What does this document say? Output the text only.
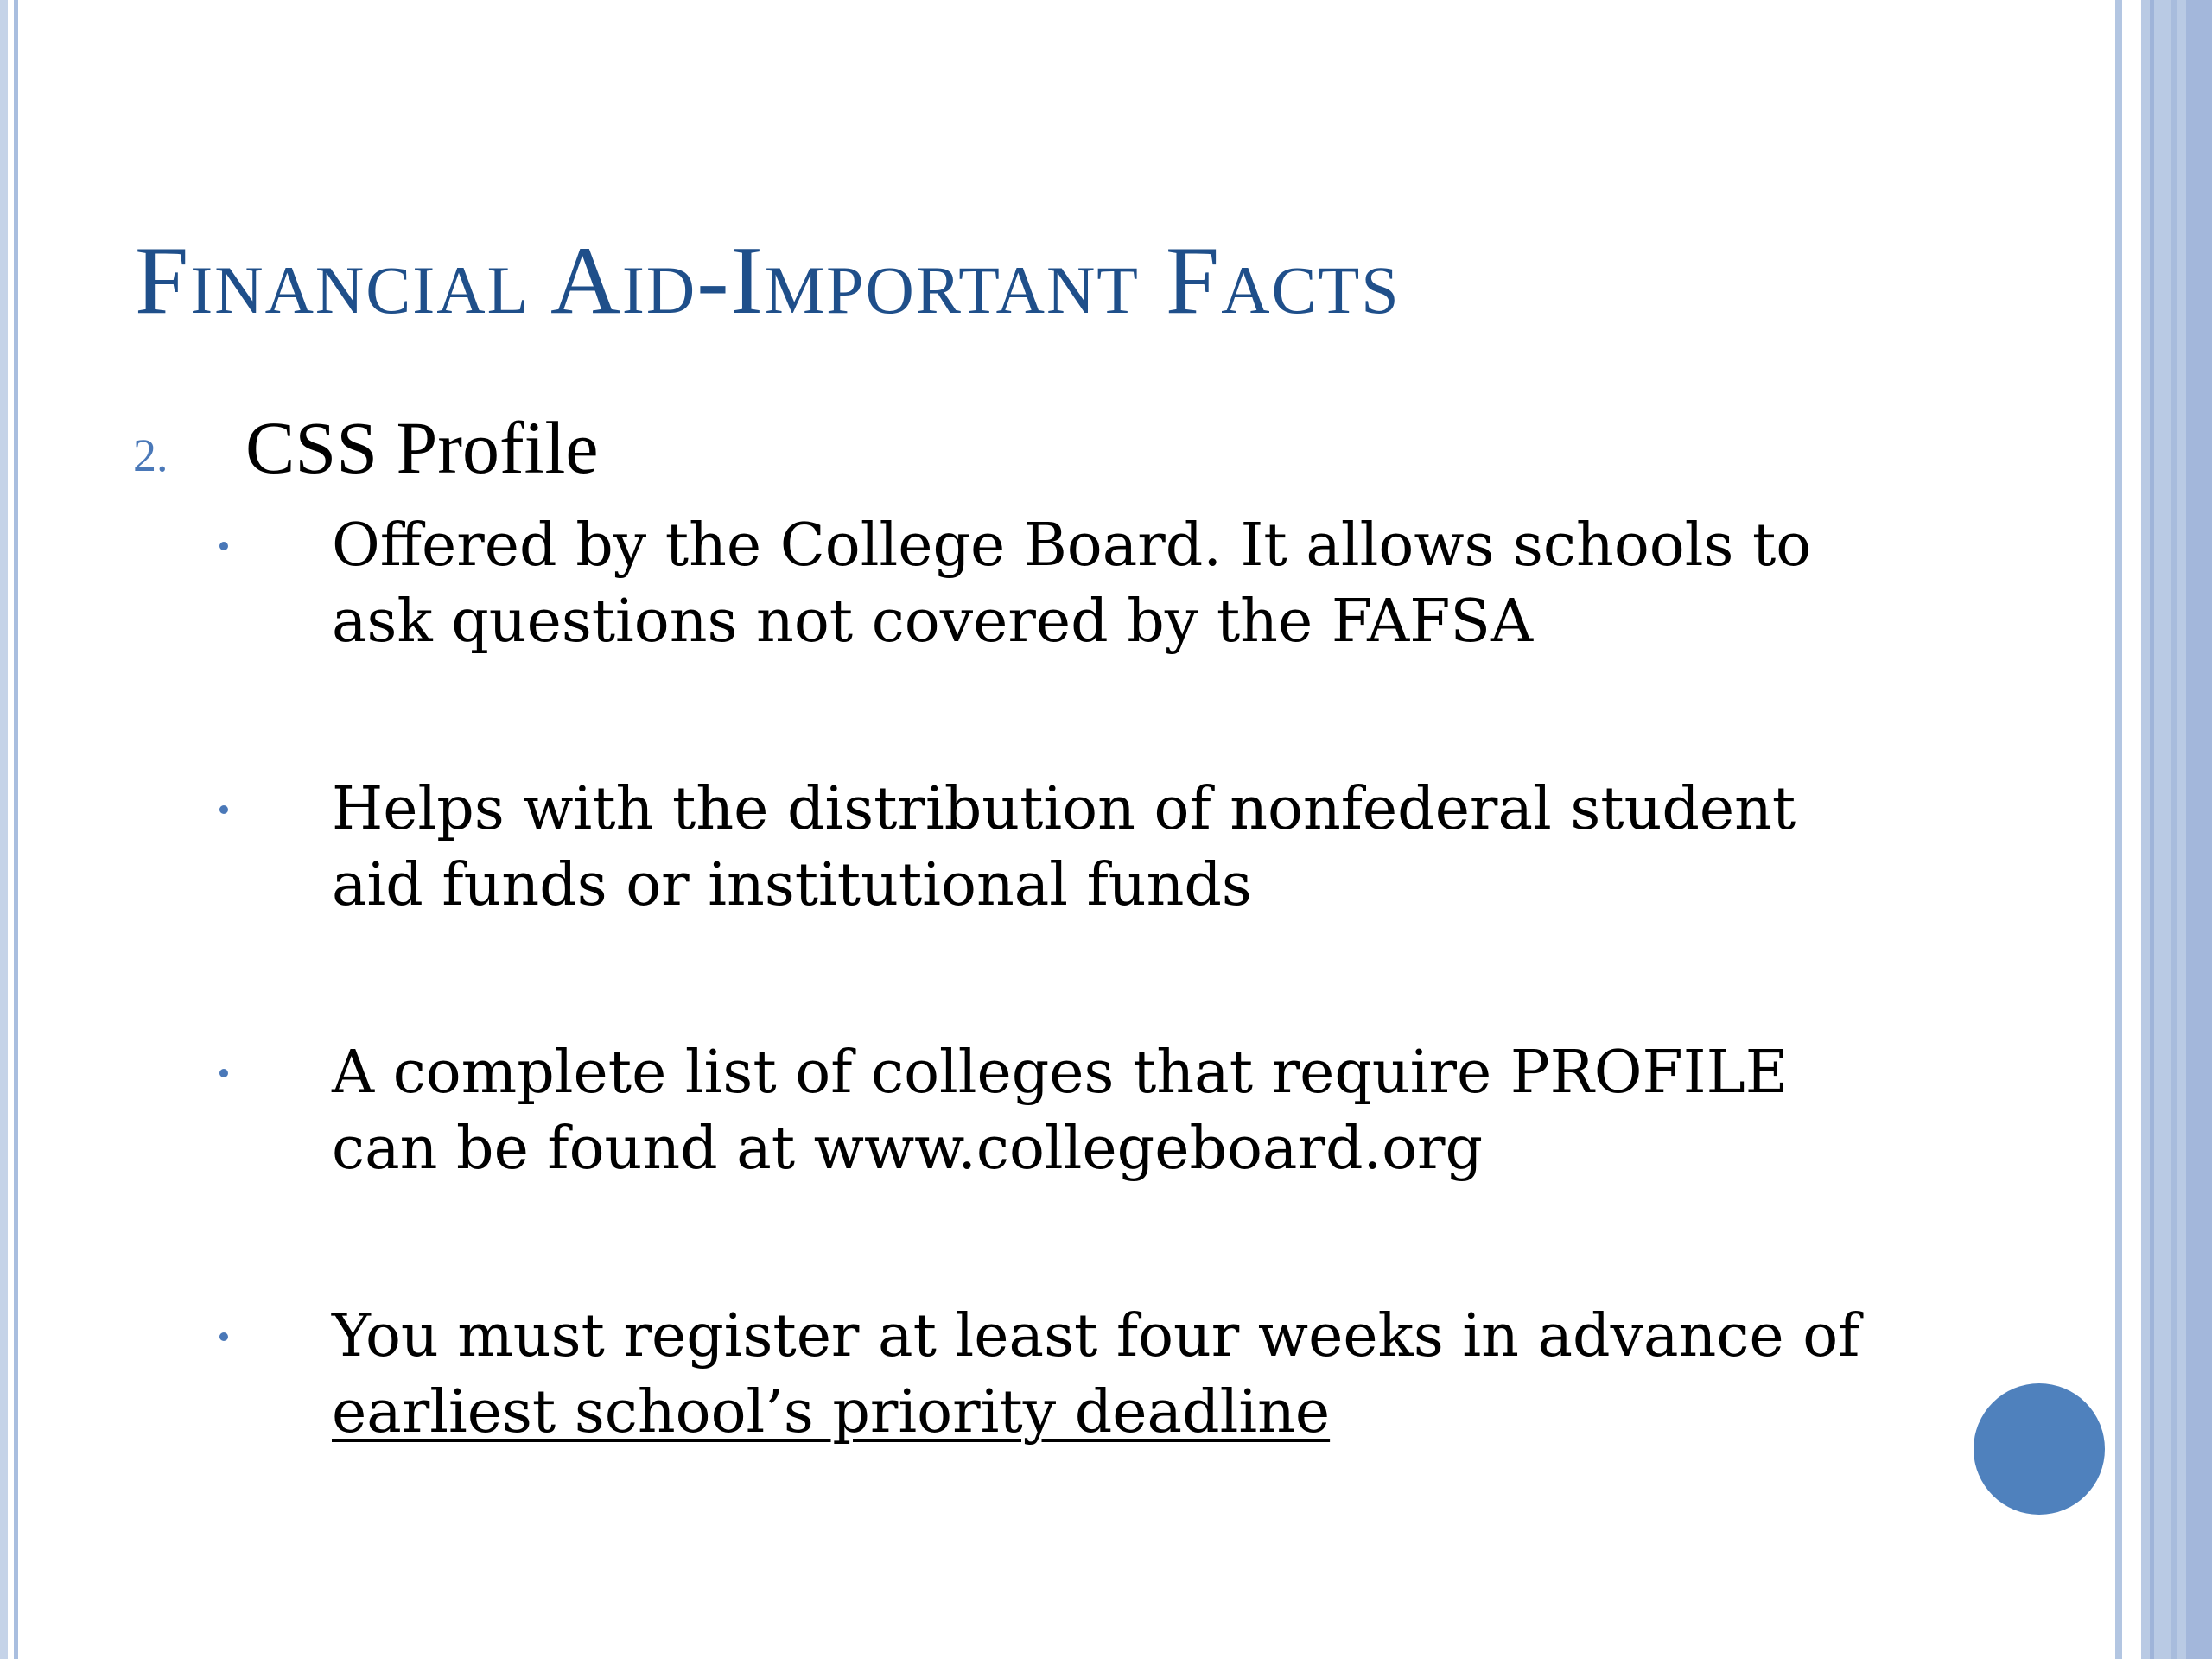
Financial Aid-Important Facts
2. CSS Profile
Offered by the College Board. It allows schools to
ask questions not covered by the FAFSA
Helps with the distribution of nonfederal student
aid funds or institutional funds
A complete list of colleges that require PROFILE
can be found at www.collegeboard.org
You must register at least four weeks in advance of
earliest school’s priority deadline
